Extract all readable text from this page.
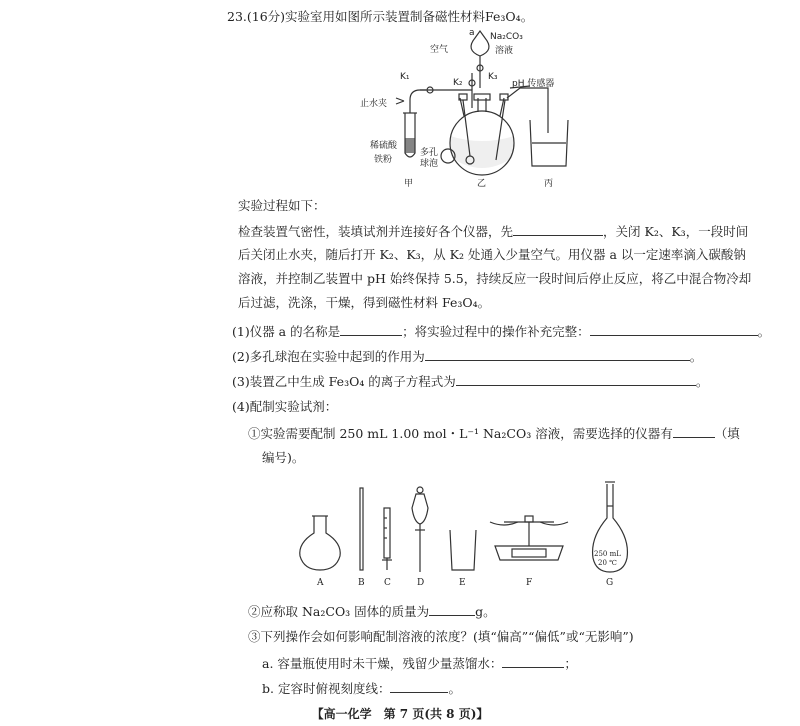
23.(16分)实验室用如图所示装置制备磁性材料Fe₃O₄。
空气
a Na₂CO₃
溶液
K₁
K₂
K₃
止水夹
稀硫酸
铁粉
多孔
球泡
pH 传感器
甲	乙	丙
实验过程如下：
检查装置气密性，装填试剂并连接好各个仪器，先	，关闭 K₂、K₃，一段时间
后关闭止水夹，随后打开 K₂、K₃，从 K₂ 处通入少量空气。用仪器 a 以一定速率滴入碳酸钠
溶液，并控制乙装置中 pH 始终保持 5.5，持续反应一段时间后停止反应，将乙中混合物冷却
后过滤，洗涤，干燥，得到磁性材料 Fe₃O₄。
(1)仪器 a 的名称是	；将实验过程中的操作补充完整：	。
(2)多孔球泡在实验中起到的作用为	。
(3)装置乙中生成 Fe₃O₄ 的离子方程式为	。
(4)配制实验试剂：
①实验需要配制 250 mL 1.00 mol・L⁻¹ Na₂CO₃ 溶液，需要选择的仪器有	（填
编号)。
250 mL
20 ℃
A	B C	D	E	F	G
②应称取 Na₂CO₃ 固体的质量为	g。
③下列操作会如何影响配制溶液的浓度？(填“偏高”“偏低”或“无影响”)
a. 容量瓶使用时未干燥，残留少量蒸馏水：	；
b. 定容时俯视刻度线：	。
【高一化学　第 7 页(共 8 页)】
